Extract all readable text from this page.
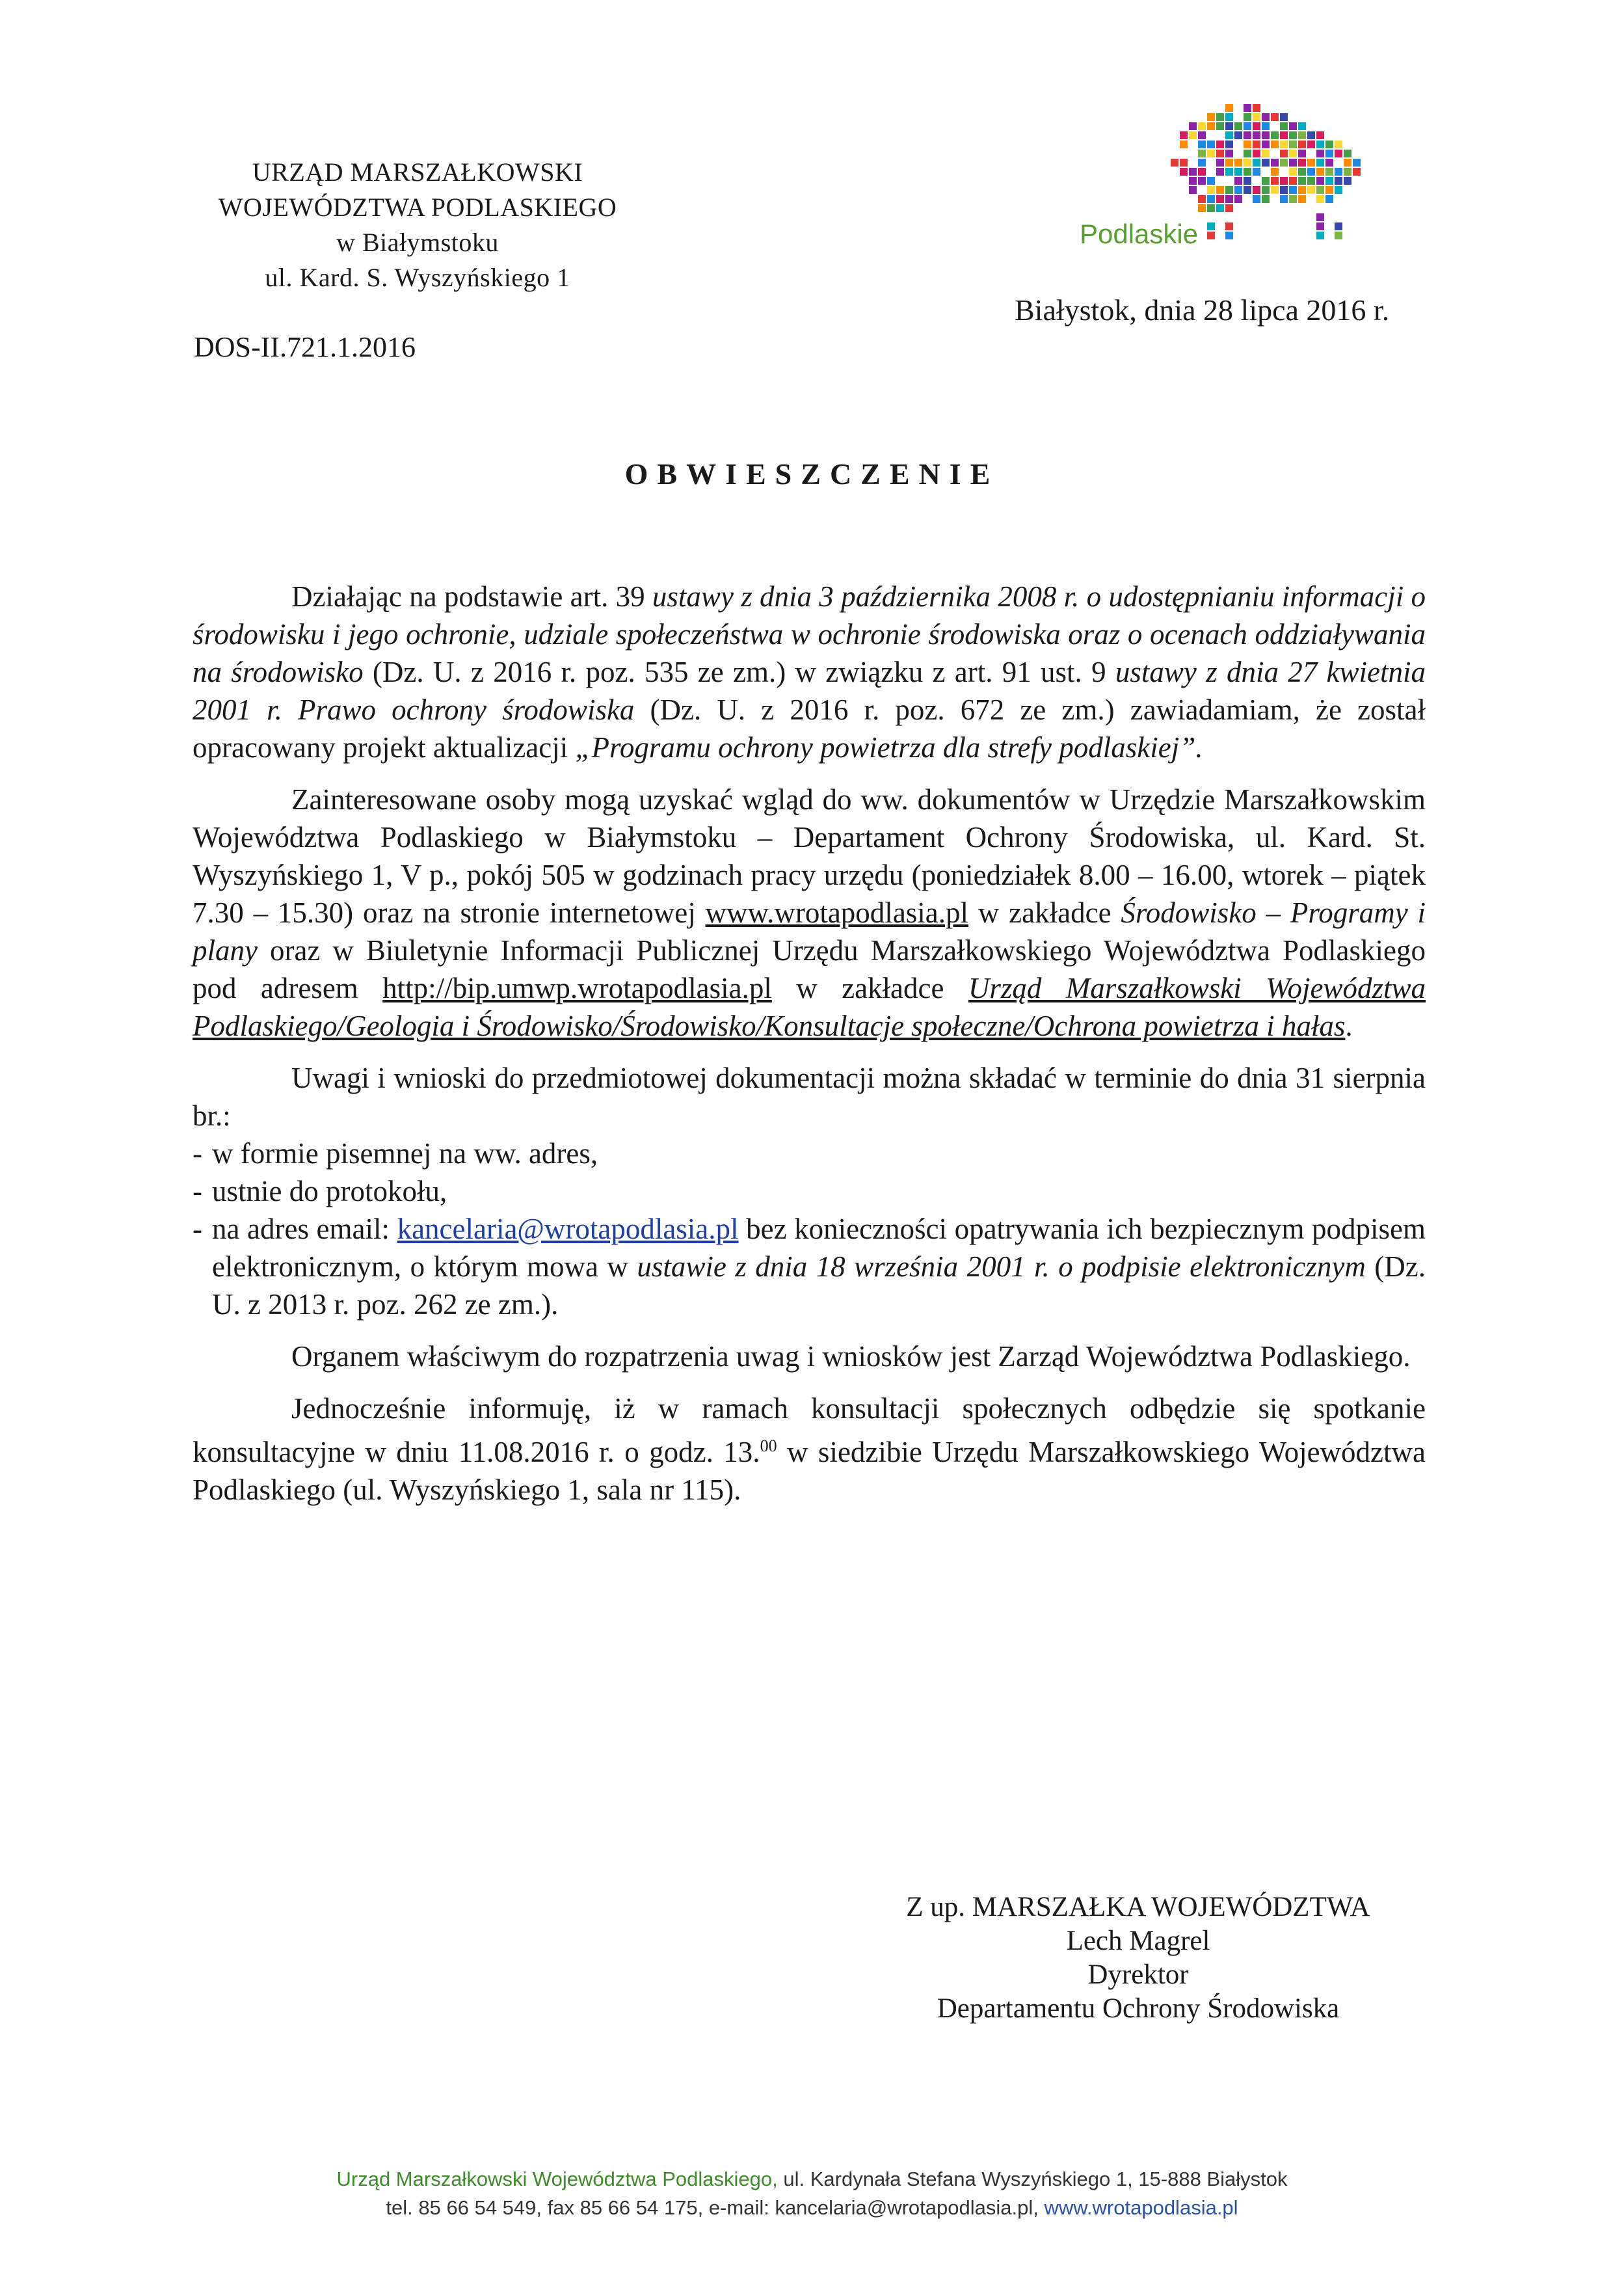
URZĄD MARSZAŁKOWSKI
WOJEWÓDZTWA PODLASKIEGO
w Białymstoku
ul. Kard. S. Wyszyńskiego 1
DOS-II.721.1.2016
Podlaskie
Białystok, dnia 28 lipca 2016 r.
OBWIESZCZENIE

Działając na podstawie art. 39 ustawy z dnia 3 października 2008 r. o udostępnianiu informacji o środowisku i jego ochronie, udziale społeczeństwa w ochronie środowiska oraz o ocenach oddziaływania na środowisko (Dz. U. z 2016 r. poz. 535 ze zm.) w związku z art. 91 ust. 9 ustawy z dnia 27 kwietnia 2001 r. Prawo ochrony środowiska (Dz. U. z 2016 r. poz. 672 ze zm.) zawiadamiam, że został opracowany projekt aktualizacji „Programu ochrony powietrza dla strefy podlaskiej”.

Zainteresowane osoby mogą uzyskać wgląd do ww. dokumentów w Urzędzie Marszałkowskim Województwa Podlaskiego w Białymstoku – Departament Ochrony Środowiska, ul. Kard. St. Wyszyńskiego 1, V p., pokój 505 w godzinach pracy urzędu (poniedziałek 8.00 – 16.00, wtorek – piątek 7.30 – 15.30) oraz na stronie internetowej www.wrotapodlasia.pl w zakładce Środowisko – Programy i plany oraz w Biuletynie Informacji Publicznej Urzędu Marszałkowskiego Województwa Podlaskiego pod adresem http://bip.umwp.wrotapodlasia.pl w zakładce Urząd Marszałkowski Województwa Podlaskiego/Geologia i Środowisko/Środowisko/Konsultacje społeczne/Ochrona powietrza i hałas.

Uwagi i wnioski do przedmiotowej dokumentacji można składać w terminie do dnia 31 sierpnia br.:

- w formie pisemnej na ww. adres,
- ustnie do protokołu,
- na adres email: kancelaria@wrotapodlasia.pl bez konieczności opatrywania ich bezpiecznym podpisem elektronicznym, o którym mowa w ustawie z dnia 18 września 2001 r. o podpisie elektronicznym (Dz. U. z 2013 r. poz. 262 ze zm.).

Organem właściwym do rozpatrzenia uwag i wniosków jest Zarząd Województwa Podlaskiego.

Jednocześnie informuję, iż w ramach konsultacji społecznych odbędzie się spotkanie konsultacyjne w dniu 11.08.2016 r. o godz. 13.00 w siedzibie Urzędu Marszałkowskiego Województwa Podlaskiego (ul. Wyszyńskiego 1, sala nr 115).

Z up. MARSZAŁKA WOJEWÓDZTWA
Lech Magrel
Dyrektor
Departamentu Ochrony Środowiska
Urząd Marszałkowski Województwa Podlaskiego, ul. Kardynała Stefana Wyszyńskiego 1, 15-888 Białystok
tel. 85 66 54 549, fax 85 66 54 175, e-mail: kancelaria@wrotapodlasia.pl, www.wrotapodlasia.pl
